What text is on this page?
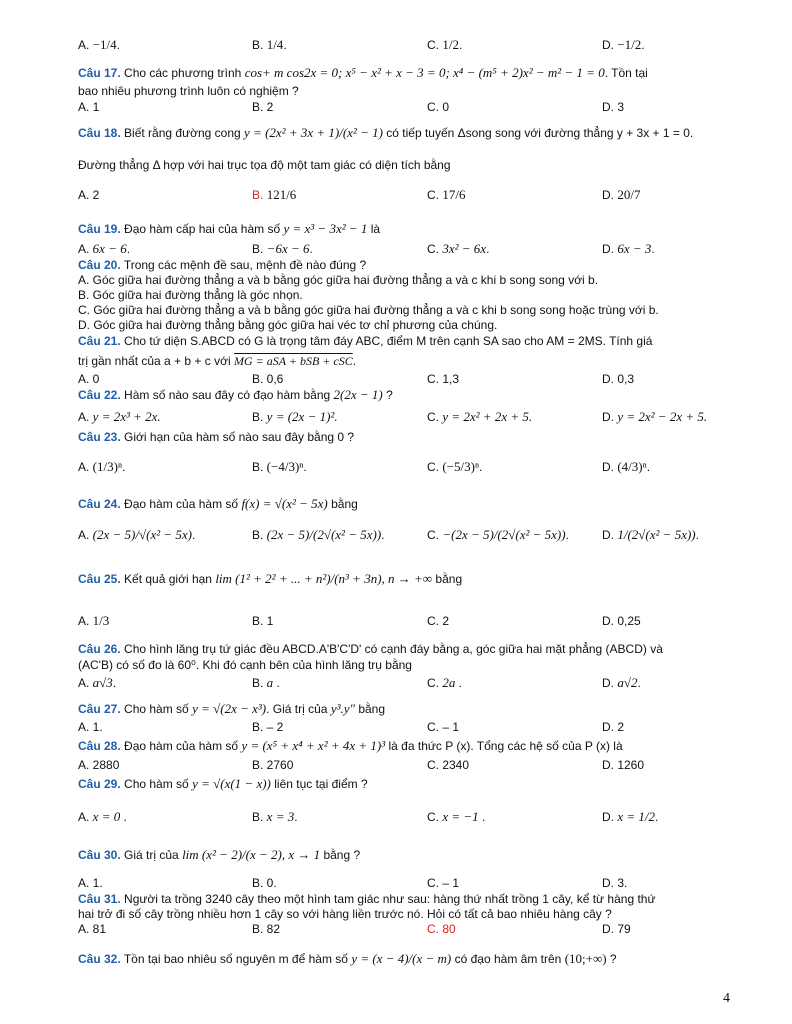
A. −1/4.	B. 1/4.	C. 1/2.	D. −1/2.
Câu 17. Cho các phương trình cos+ m cos2x = 0; x⁵ − x² + x − 3 = 0; x⁴ − (m⁵ + 2)x² − m² − 1 = 0. Tồn tại
bao nhiêu phương trình luôn có nghiệm ?
A. 1	B. 2	C. 0	D. 3
Câu 18. Biết rằng đường cong y = (2x² + 3x + 1)/(x² − 1) có tiếp tuyến Δsong song với đường thẳng y + 3x + 1 = 0.
Đường thẳng Δ hợp với hai trục tọa độ một tam giác có diện tích bằng
A. 2	B. 121/6	C. 17/6	D. 20/7
Câu 19. Đạo hàm cấp hai của hàm số y = x³ − 3x² − 1 là
A. 6x − 6.	B. −6x − 6.	C. 3x² − 6x.	D. 6x − 3.
Câu 20. Trong các mệnh đề sau, mệnh đề nào đúng ?
A. Góc giữa hai đường thẳng a và b bằng góc giữa hai đường thẳng a và c khi b song song với b.
B. Góc giữa hai đường thẳng là góc nhọn.
C. Góc giữa hai đường thẳng a và b bằng góc giữa hai đường thẳng a và c khi b song song hoặc trùng với b.
D. Góc giữa hai đường thẳng bằng góc giữa hai véc tơ chỉ phương của chúng.
Câu 21. Cho tứ diện S.ABCD có G là trọng tâm đáy ABC, điểm M trên cạnh SA sao cho AM = 2MS. Tính giá
trị gần nhất của a + b + c với MG = aSA + bSB + cSC.
A. 0	B. 0,6	C. 1,3	D. 0,3
Câu 22. Hàm số nào sau đây có đạo hàm bằng 2(2x − 1) ?
A. y = 2x³ + 2x.	B. y = (2x − 1)².	C. y = 2x² + 2x + 5.	D. y = 2x² − 2x + 5.
Câu 23. Giới hạn của hàm số nào sau đây bằng 0 ?
A. (1/3)ⁿ.	B. (−4/3)ⁿ.	C. (−5/3)ⁿ.	D. (4/3)ⁿ.
Câu 24. Đạo hàm của hàm số f(x) = √(x² − 5x) bằng
A. (2x − 5)/√(x² − 5x).	B. (2x − 5)/(2√(x² − 5x)).	C. −(2x − 5)/(2√(x² − 5x)).	D. 1/(2√(x² − 5x)).
Câu 25. Kết quả giới hạn lim (1² + 2² + ... + n²)/(n³ + 3n), n → +∞ bằng
A. 1/3	B. 1	C. 2	D. 0,25
Câu 26. Cho hình lăng trụ tứ giác đều ABCD.A'B'C'D' có cạnh đáy bằng a, góc giữa hai mặt phẳng (ABCD) và
(AC'B) có số đo là 60⁰. Khi đó cạnh bên của hình lăng trụ bằng
A. a√3.	B. a .	C. 2a .	D. a√2.
Câu 27. Cho hàm số y = √(2x − x³). Giá trị của y³.y" bằng
A. 1.	B. – 2	C. – 1	D. 2
Câu 28. Đạo hàm của hàm số y = (x⁵ + x⁴ + x² + 4x + 1)³ là đa thức P (x). Tổng các hệ số của P (x) là
A. 2880	B. 2760	C. 2340	D. 1260
Câu 29. Cho hàm số y = √(x(1 − x)) liên tục tại điểm ?
A. x = 0 .	B. x = 3.	C. x = −1 .	D. x = 1/2.
Câu 30. Giá trị của lim (x² − 2)/(x − 2), x → 1 bằng ?
A. 1.	B. 0.	C. – 1	D. 3.
Câu 31. Người ta trồng 3240 cây theo một hình tam giác như sau: hàng thứ nhất trồng 1 cây, kể từ hàng thứ
hai trở đi số cây trồng nhiều hơn 1 cây so với hàng liền trước nó. Hỏi có tất cả bao nhiêu hàng cây ?
A. 81	B. 82	C. 80	D. 79
Câu 32. Tồn tại bao nhiêu số nguyên m để hàm số y = (x − 4)/(x − m) có đạo hàm âm trên (10;+∞) ?
4
